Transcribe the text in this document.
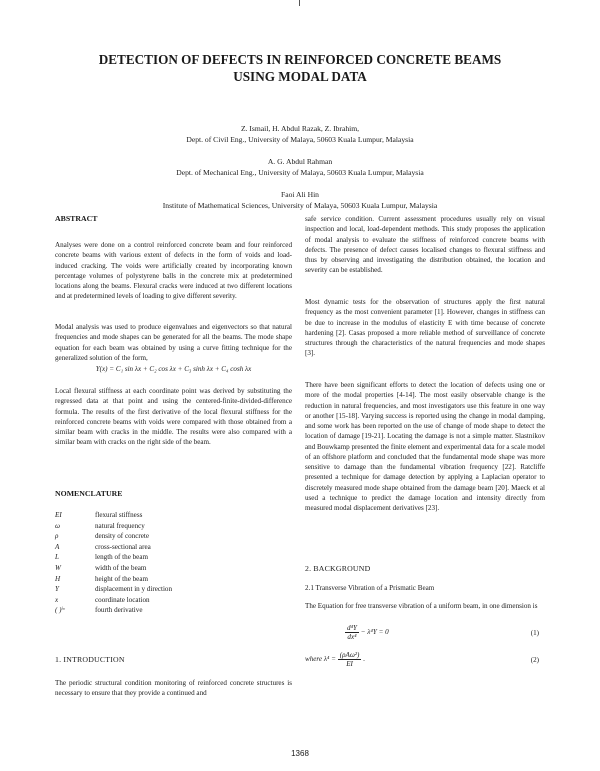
DETECTION OF DEFECTS IN REINFORCED CONCRETE BEAMS
USING MODAL DATA
Z. Ismail, H. Abdul Razak, Z. Ibrahim,
Dept. of Civil Eng., University of Malaya, 50603 Kuala Lumpur, Malaysia
A. G. Abdul Rahman
Dept. of Mechanical Eng., University of Malaya, 50603 Kuala Lumpur, Malaysia
Faoi Ali Hin
Institute of Mathematical Sciences, University of Malaya, 50603 Kuala Lumpur, Malaysia
ABSTRACT
Analyses were done on a control reinforced concrete beam and four reinforced concrete beams with various extent of defects in the form of voids and load-induced cracking. The voids were artificially created by incorporating known percentage volumes of polystyrene balls in the concrete mix at predetermined locations along the beams. Flexural cracks were induced at two different locations and at predetermined levels of loading to give different severity.
Modal analysis was used to produce eigenvalues and eigenvectors so that natural frequencies and mode shapes can be generated for all the beams. The mode shape equation for each beam was obtained by using a curve fitting technique for the generalized solution of the form,
Y(x) = C₁ sin λx + C₂ cos λx + C₃ sinh λx + C₄ cosh λx
Local flexural stiffness at each coordinate point was derived by substituting the regressed data at that point and using the centered-finite-divided-difference formula. The results of the first derivative of the local flexural stiffness for the reinforced concrete beams with voids were compared with those obtained from a similar beam with cracks in the middle. The results were also compared with a similar beam with cracks on the right side of the beam.
NOMENCLATURE
EI	flexural stiffness
ω	natural frequency
ρ	density of concrete
A	cross-sectional area
L	length of the beam
W	width of the beam
H	height of the beam
Y	displacement in y direction
x	coordinate location
( )ⁱᵛ	fourth derivative
1. INTRODUCTION
The periodic structural condition monitoring of reinforced concrete structures is necessary to ensure that they provide a continued and
safe service condition. Current assessment procedures usually rely on visual inspection and local, load-dependent methods. This study proposes the application of modal analysis to evaluate the stiffness of reinforced concrete beams with defects. The presence of defect causes localised changes to flexural stiffness and thus by observing and investigating the distribution obtained, the location and severity can be established.
Most dynamic tests for the observation of structures apply the first natural frequency as the most convenient parameter [1]. However, changes in stiffness can be due to increase in the modulus of elasticity E with time because of concrete hardening [2]. Casas proposed a more reliable method of surveillance of concrete structures through the characteristics of the natural frequencies and mode shapes [3].
There have been significant efforts to detect the location of defects using one or more of the modal properties [4-14]. The most easily observable change is the reduction in natural frequencies, and most investigators use this feature in one way or another [15-18]. Varying success is reported using the change in modal damping, and some work has been reported on the use of change of mode shape to detect the location of damage [19-21]. Locating the damage is not a simple matter. Slastnikov and Bouwkamp presented the finite element and experimental data for a scale model of an offshore platform and concluded that the fundamental mode shape was more sensitive to damage than the fundamental vibration frequency [22]. Ratcliffe presented a technique for damage detection by applying a Laplacian operator to discretely measured mode shape obtained from the damage beam [20]. Maeck et al used a technique to predict the damage location and intensity directly from measured modal displacement derivatives [23].
2. BACKGROUND
2.1 Transverse Vibration of a Prismatic Beam
The Equation for free transverse vibration of a uniform beam, in one dimension is
$\frac{\text{d⁴Y}}{\text{dx⁴}} - \lambda^4Y = 0$	(1)
where $\lambda^4 = \frac{\text{(ρAω²)}}{EI}$ .	(2)
1368
